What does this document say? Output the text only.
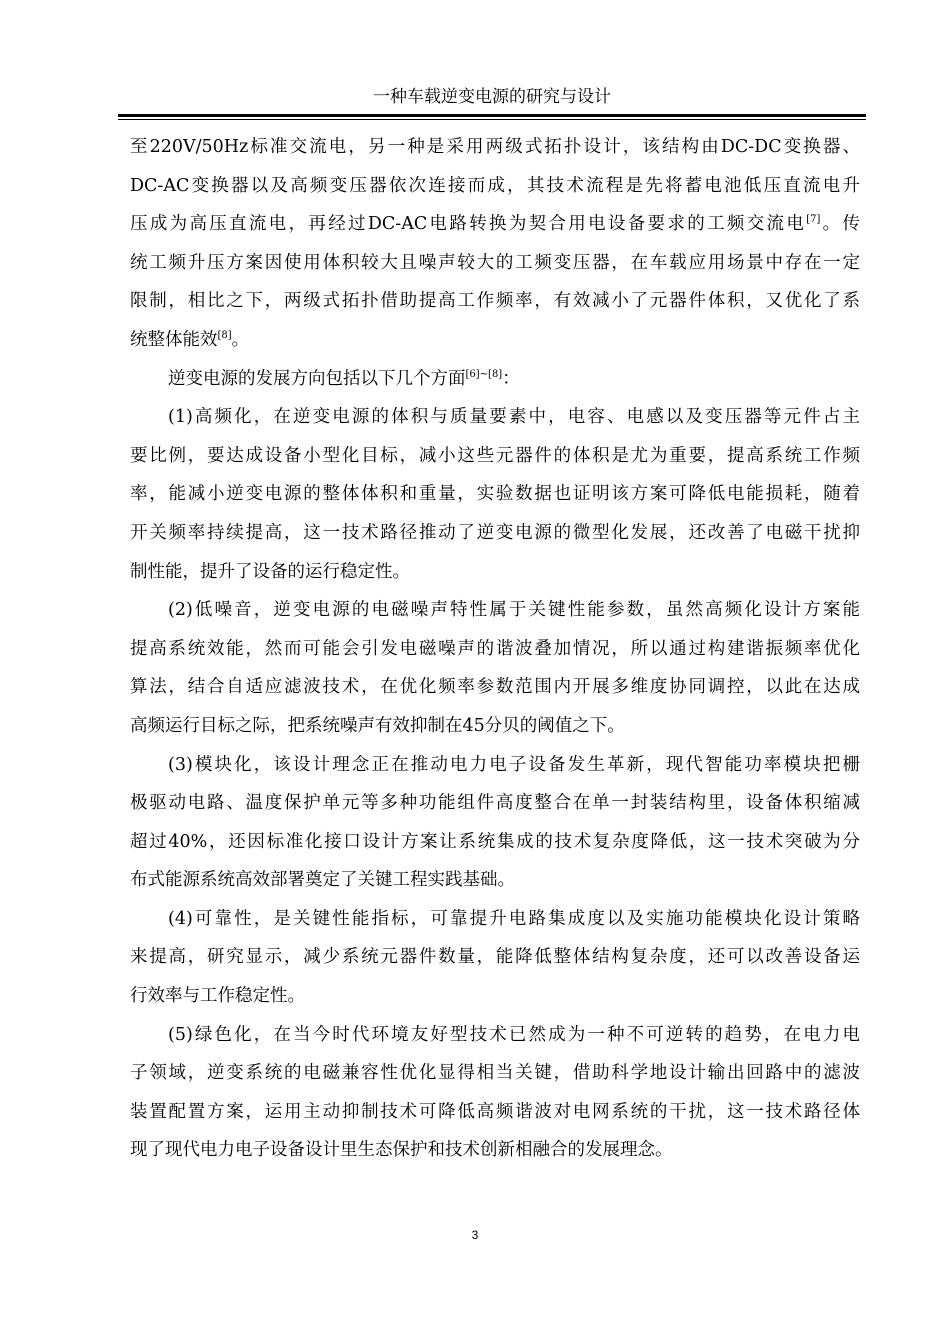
一种车载逆变电源的研究与设计
至220V/50Hz标准交流电，另一种是采用两级式拓扑设计，该结构由DC-DC变换器、
DC-AC变换器以及高频变压器依次连接而成，其技术流程是先将蓄电池低压直流电升
压成为高压直流电，再经过DC-AC电路转换为契合用电设备要求的工频交流电[7]。传
统工频升压方案因使用体积较大且噪声较大的工频变压器，在车载应用场景中存在一定
限制，相比之下，两级式拓扑借助提高工作频率，有效减小了元器件体积，又优化了系
统整体能效[8]。
逆变电源的发展方向包括以下几个方面[6]~[8]：
(1)高频化，在逆变电源的体积与质量要素中，电容、电感以及变压器等元件占主
要比例，要达成设备小型化目标，减小这些元器件的体积是尤为重要，提高系统工作频
率，能减小逆变电源的整体体积和重量，实验数据也证明该方案可降低电能损耗，随着
开关频率持续提高，这一技术路径推动了逆变电源的微型化发展，还改善了电磁干扰抑
制性能，提升了设备的运行稳定性。
(2)低噪音，逆变电源的电磁噪声特性属于关键性能参数，虽然高频化设计方案能
提高系统效能，然而可能会引发电磁噪声的谐波叠加情况，所以通过构建谐振频率优化
算法，结合自适应滤波技术，在优化频率参数范围内开展多维度协同调控，以此在达成
高频运行目标之际，把系统噪声有效抑制在45分贝的阈值之下。
(3)模块化，该设计理念正在推动电力电子设备发生革新，现代智能功率模块把栅
极驱动电路、温度保护单元等多种功能组件高度整合在单一封装结构里，设备体积缩减
超过40%，还因标准化接口设计方案让系统集成的技术复杂度降低，这一技术突破为分
布式能源系统高效部署奠定了关键工程实践基础。
(4)可靠性，是关键性能指标，可靠提升电路集成度以及实施功能模块化设计策略
来提高，研究显示，减少系统元器件数量，能降低整体结构复杂度，还可以改善设备运
行效率与工作稳定性。
(5)绿色化，在当今时代环境友好型技术已然成为一种不可逆转的趋势，在电力电
子领域，逆变系统的电磁兼容性优化显得相当关键，借助科学地设计输出回路中的滤波
装置配置方案，运用主动抑制技术可降低高频谐波对电网系统的干扰，这一技术路径体
现了现代电力电子设备设计里生态保护和技术创新相融合的发展理念。
3
